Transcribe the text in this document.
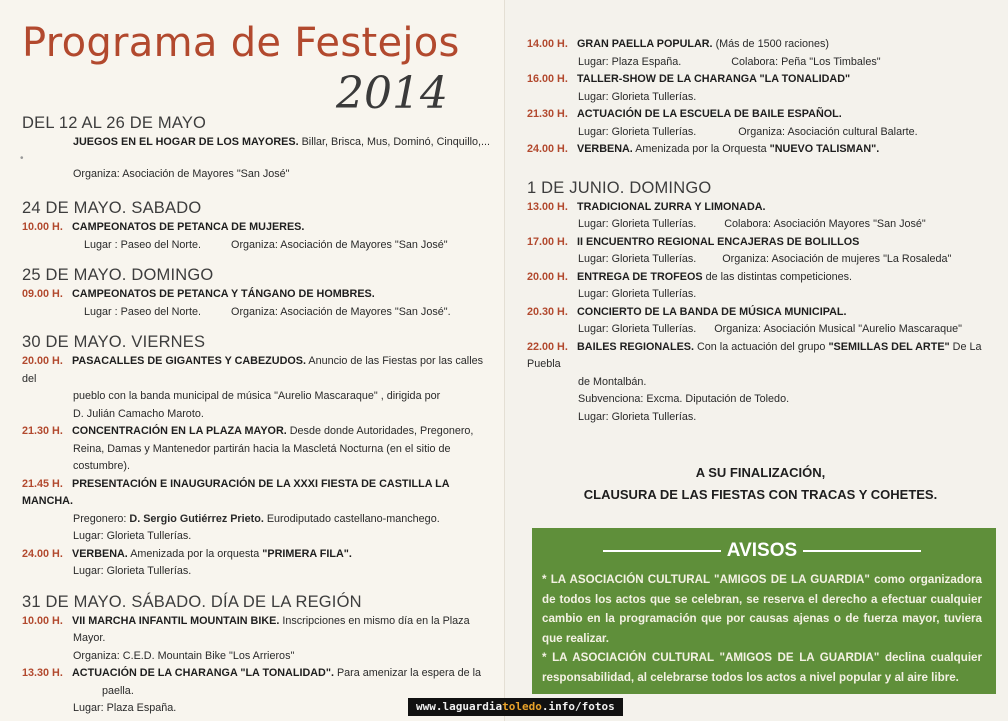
Programa de Festejos
2014

DEL 12 AL 26 DE MAYO

JUEGOS EN EL HOGAR DE LOS MAYORES. Billar, Brisca, Mus, Dominó, Cinquillo,...

•

Organiza: Asociación de Mayores "San José"

24 DE MAYO. SABADO

10.00 H. CAMPEONATOS DE PETANCA DE MUJERES.

Lugar : Paseo del Norte.	Organiza: Asociación de Mayores "San José"

25 DE MAYO. DOMINGO

09.00 H. CAMPEONATOS DE PETANCA Y TÁNGANO DE HOMBRES.

Lugar : Paseo del Norte.	Organiza: Asociación de Mayores "San José".

30 DE MAYO. VIERNES

20.00 H. PASACALLES DE GIGANTES Y CABEZUDOS. Anuncio de las Fiestas por las calles del

pueblo con la banda municipal de música "Aurelio Mascaraque" , dirigida por

D. Julián Camacho Maroto.

21.30 H. CONCENTRACIÓN EN LA PLAZA MAYOR. Desde donde Autoridades, Pregonero,

Reina, Damas y Mantenedor partirán hacia la Mascletá Nocturna (en el sitio de

costumbre).

21.45 H. PRESENTACIÓN E INAUGURACIÓN DE LA XXXI FIESTA DE CASTILLA LA MANCHA.

Pregonero: D. Sergio Gutiérrez Prieto. Eurodiputado castellano-manchego.

Lugar: Glorieta Tullerías.

24.00 H. VERBENA. Amenizada por la orquesta "PRIMERA FILA".

Lugar: Glorieta Tullerías.

31 DE MAYO. SÁBADO. DÍA DE LA REGIÓN

10.00 H. VII MARCHA INFANTIL MOUNTAIN BIKE. Inscripciones en mismo día en la Plaza

Mayor.

Organiza: C.E.D. Mountain Bike "Los Arrieros"

13.30 H. ACTUACIÓN DE LA CHARANGA "LA TONALIDAD". Para amenizar la espera de la

paella.

Lugar: Plaza España.

14.00 H. GRAN PAELLA POPULAR. (Más de 1500 raciones)

Lugar: Plaza España.	Colabora: Peña "Los Timbales"

16.00 H. TALLER-SHOW DE LA CHARANGA "LA TONALIDAD"

Lugar: Glorieta Tullerías.

21.30 H. ACTUACIÓN DE LA ESCUELA DE BAILE ESPAÑOL.

Lugar: Glorieta Tullerías.	Organiza: Asociación cultural Balarte.

24.00 H. VERBENA. Amenizada por la Orquesta "NUEVO TALISMAN".

1 DE JUNIO. DOMINGO

13.00 H. TRADICIONAL ZURRA Y LIMONADA.

Lugar: Glorieta Tullerías.	Colabora: Asociación Mayores "San José"

17.00 H. II ENCUENTRO REGIONAL ENCAJERAS DE BOLILLOS

Lugar: Glorieta Tullerías. Organiza: Asociación de mujeres "La Rosaleda"

20.00 H. ENTREGA DE TROFEOS de las distintas competiciones.

Lugar: Glorieta Tullerías.

20.30 H. CONCIERTO DE LA BANDA DE MÚSICA MUNICIPAL.

Lugar: Glorieta Tullerías. Organiza: Asociación Musical "Aurelio Mascaraque"

22.00 H. BAILES REGIONALES. Con la actuación del grupo "SEMILLAS DEL ARTE" De La Puebla

de Montalbán.

Subvenciona: Excma. Diputación de Toledo.

Lugar: Glorieta Tullerías.

A SU FINALIZACIÓN,
CLAUSURA DE LAS FIESTAS CON TRACAS Y COHETES.
AVISOS

* LA ASOCIACIÓN CULTURAL "AMIGOS DE LA GUARDIA" como organizadora de todos los actos que se celebran, se reserva el derecho a efectuar cualquier cambio en la programación que por causas ajenas o de fuerza mayor, tuviera que realizar.

* LA ASOCIACIÓN CULTURAL "AMIGOS DE LA GUARDIA" declina cualquier responsabilidad, al celebrarse todos los actos a nivel popular y al aire libre.

www.laguardiatoledo.info/fotos
